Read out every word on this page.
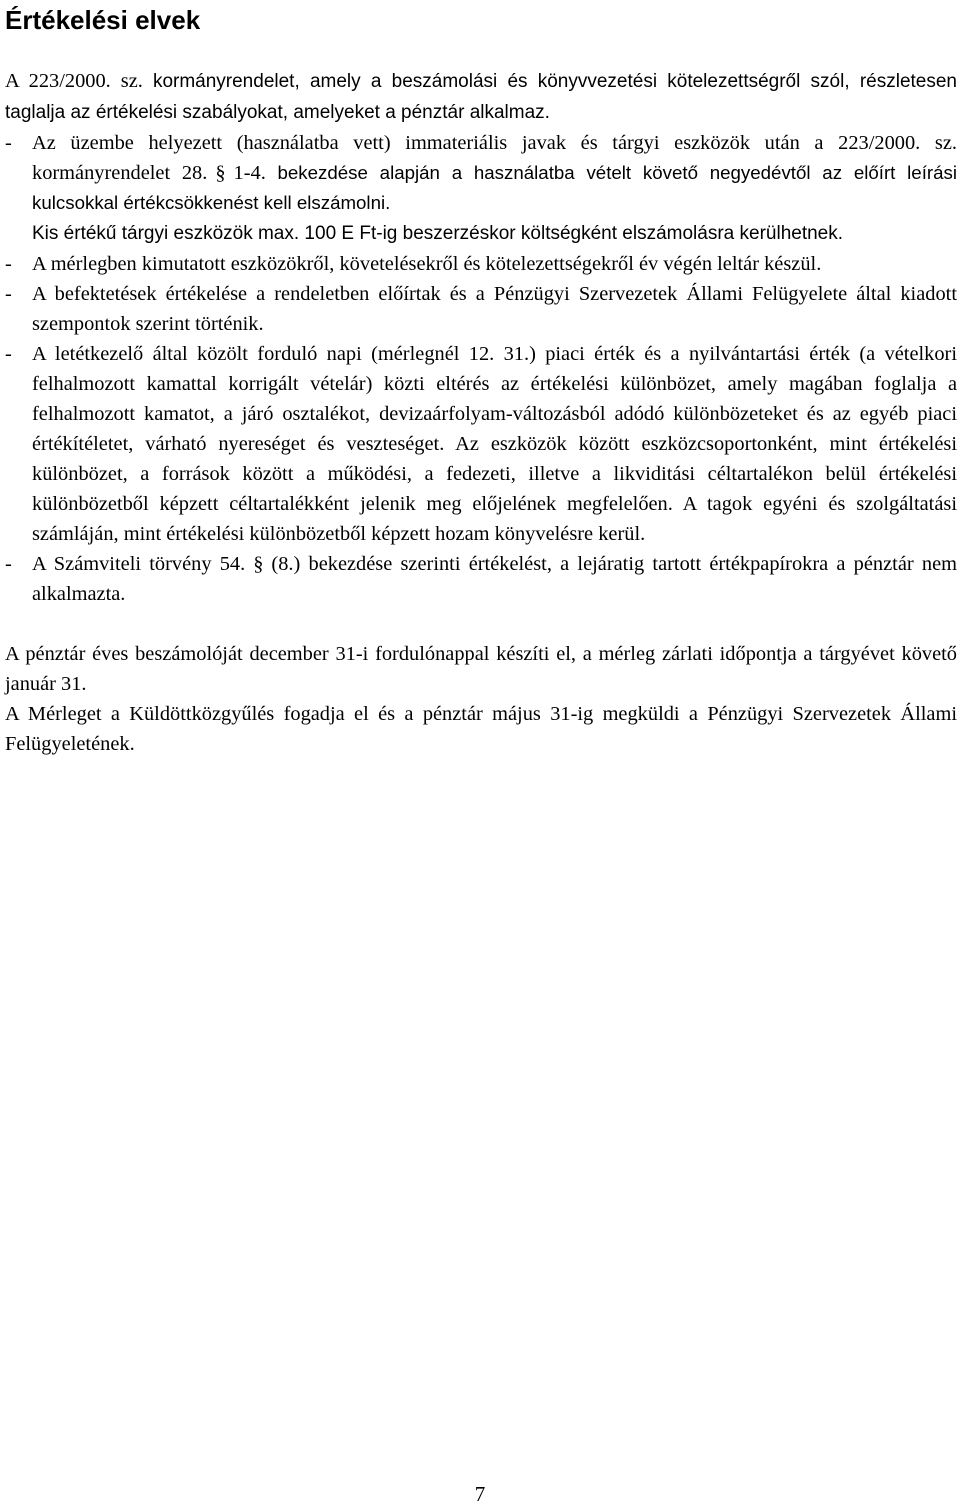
Értékelési elvek

A 223/2000. sz. kormányrendelet, amely a beszámolási és könyvvezetési kötelezettségről szól, részletesen taglalja az értékelési szabályokat, amelyeket a pénztár alkalmaz.

- Az üzembe helyezett (használatba vett) immateriális javak és tárgyi eszközök után a 223/2000. sz. kormányrendelet 28. § 1-4. bekezdése alapján a használatba vételt követő negyedévtől az előírt leírási kulcsokkal értékcsökkenést kell elszámolni.
Kis értékű tárgyi eszközök max. 100 E Ft-ig beszerzéskor költségként elszámolásra kerülhetnek.

- A mérlegben kimutatott eszközökről, követelésekről és kötelezettségekről év végén leltár készül.

- A befektetések értékelése a rendeletben előírtak és a Pénzügyi Szervezetek Állami Felügyelete által kiadott szempontok szerint történik.

- A letétkezelő által közölt forduló napi (mérlegnél 12. 31.) piaci érték és a nyilvántartási érték (a vételkori felhalmozott kamattal korrigált vételár) közti eltérés az értékelési különbözet, amely magában foglalja a felhalmozott kamatot, a járó osztalékot, devizaárfolyam-változásból adódó különbözeteket és az egyéb piaci értékítéletet, várható nyereséget és veszteséget. Az eszközök között eszközcsoportonként, mint értékelési különbözet, a források között a működési, a fedezeti, illetve a likviditási céltartalékon belül értékelési különbözetből képzett céltartalékként jelenik meg előjelének megfelelően. A tagok egyéni és szolgáltatási számláján, mint értékelési különbözetből képzett hozam könyvelésre kerül.

- A Számviteli törvény 54. § (8.) bekezdése szerinti értékelést, a lejáratig tartott értékpapírokra a pénztár nem alkalmazta.

A pénztár éves beszámolóját december 31-i fordulónappal készíti el, a mérleg zárlati időpontja a tárgyévet követő január 31.

A Mérleget a Küldöttközgyűlés fogadja el és a pénztár május 31-ig megküldi a Pénzügyi Szervezetek Állami Felügyeletének.

7
